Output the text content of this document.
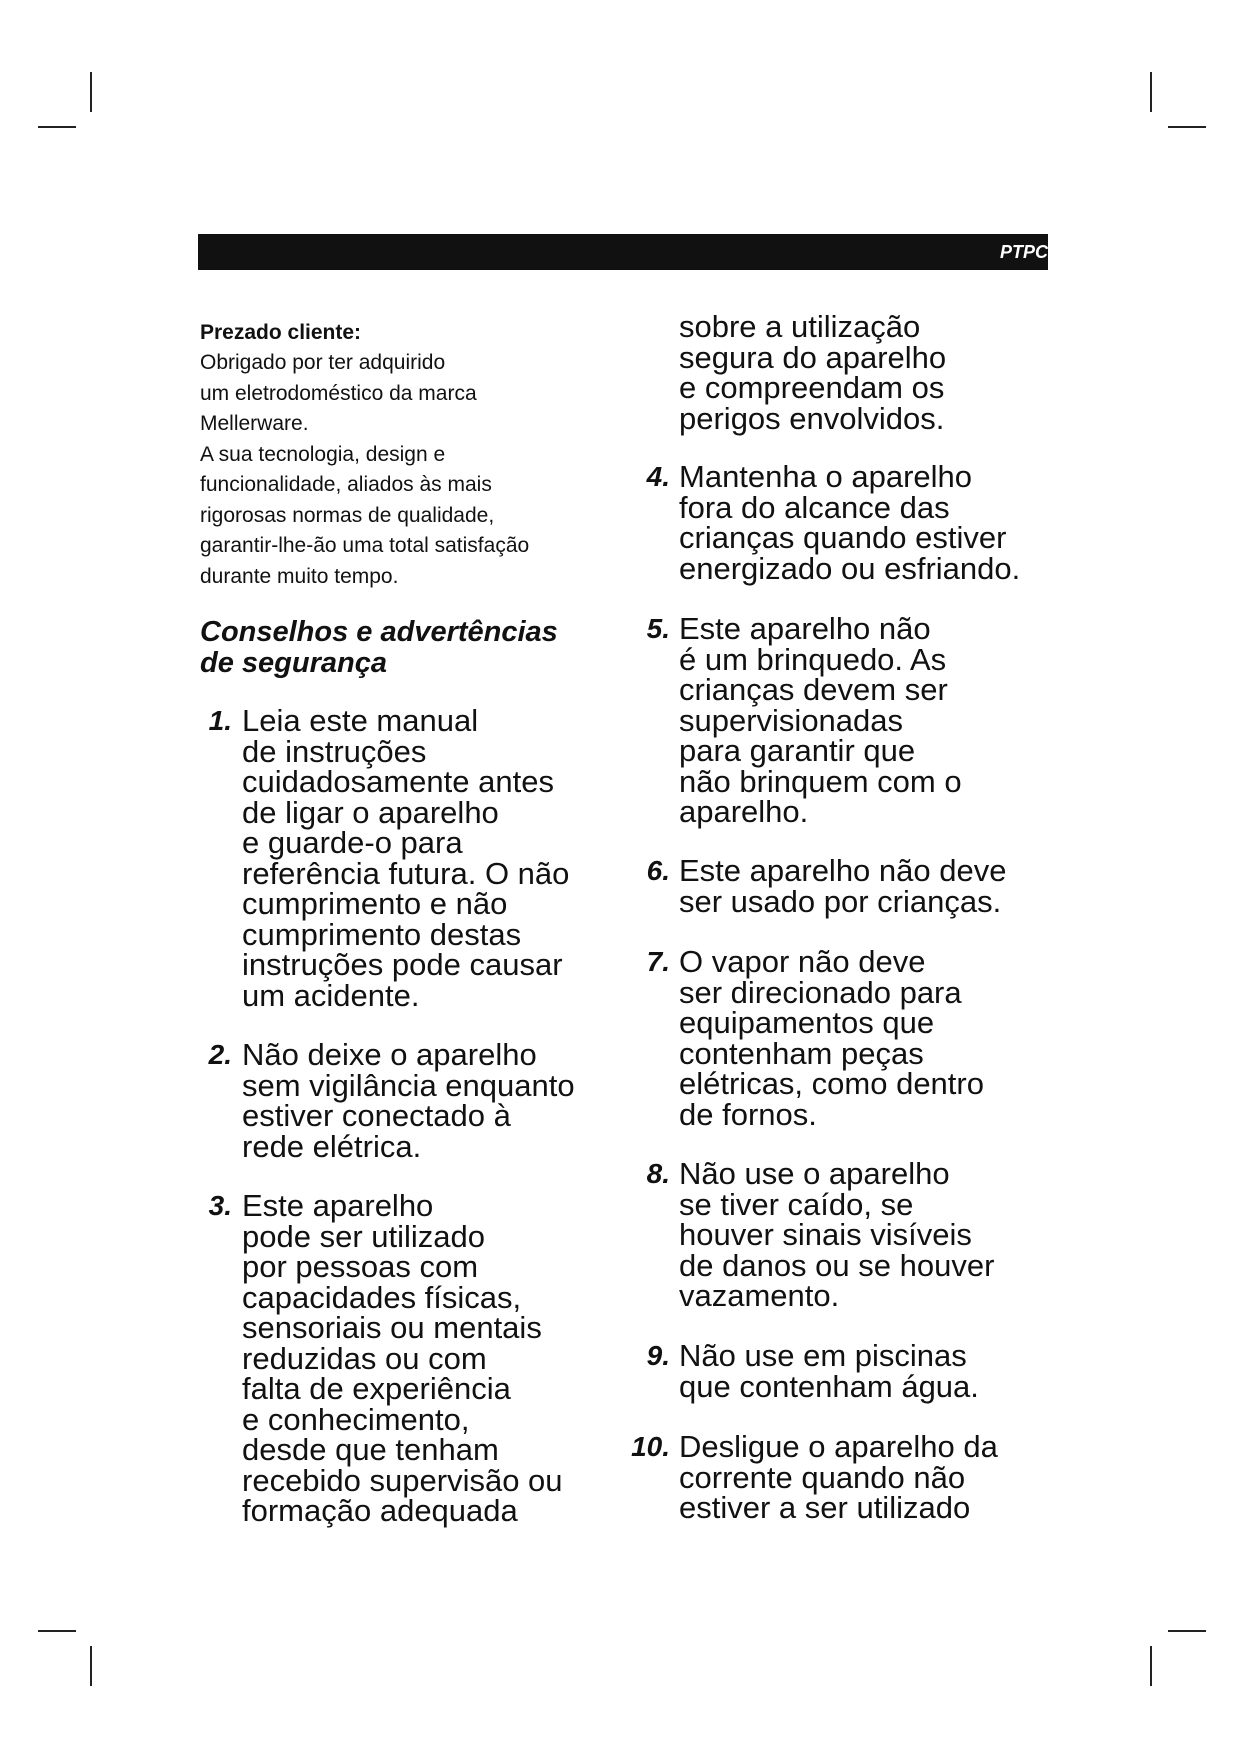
PTPC

Prezado cliente:

Obrigado por ter adquirido

um eletrodoméstico da marca

Mellerware.

A sua tecnologia, design e

funcionalidade, aliados às mais

rigorosas normas de qualidade,

garantir-lhe-ão uma total satisfação

durante muito tempo.

Conselhos e advertências
de segurança
1. Leia este manual
de instruções
cuidadosamente antes
de ligar o aparelho
e guarde-o para
referência futura. O não
cumprimento e não
cumprimento destas
instruções pode causar
um acidente.
2. Não deixe o aparelho
sem vigilância enquanto
estiver conectado à
rede elétrica.
3. Este aparelho
pode ser utilizado
por pessoas com
capacidades físicas,
sensoriais ou mentais
reduzidas ou com
falta de experiência
e conhecimento,
desde que tenham
recebido supervisão ou
formação adequada
sobre a utilização
segura do aparelho
e compreendam os
perigos envolvidos.
4. Mantenha o aparelho
fora do alcance das
crianças quando estiver
energizado ou esfriando.
5. Este aparelho não
é um brinquedo. As
crianças devem ser
supervisionadas
para garantir que
não brinquem com o
aparelho.
6. Este aparelho não deve
ser usado por crianças.
7. O vapor não deve
ser direcionado para
equipamentos que
contenham peças
elétricas, como dentro
de fornos.
8. Não use o aparelho
se tiver caído, se
houver sinais visíveis
de danos ou se houver
vazamento.
9. Não use em piscinas
que contenham água.
10. Desligue o aparelho da
corrente quando não
estiver a ser utilizado
